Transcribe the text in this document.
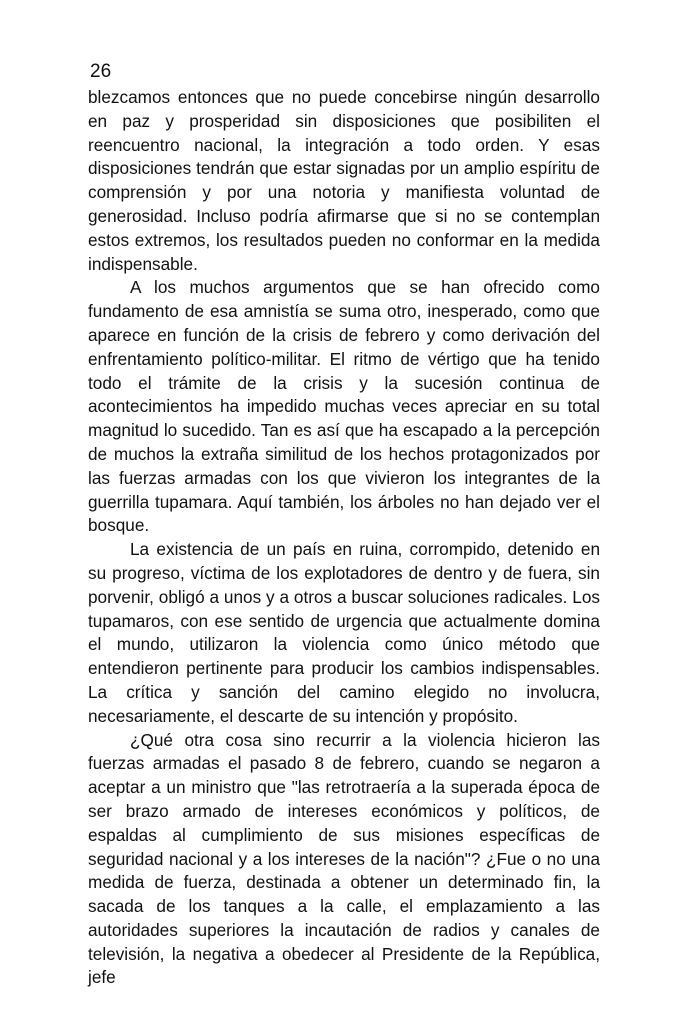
26

blezcamos entonces que no puede concebirse ningún desarrollo en paz y prosperidad sin disposiciones que posibiliten el reencuentro nacional, la integración a todo orden. Y esas disposiciones tendrán que estar signadas por un amplio espíritu de comprensión y por una notoria y manifiesta voluntad de generosidad. Incluso podría afirmarse que si no se contemplan estos extremos, los resultados pueden no conformar en la medida indispensable.

A los muchos argumentos que se han ofrecido como fundamento de esa amnistía se suma otro, inesperado, como que aparece en función de la crisis de febrero y como derivación del enfrentamiento político-militar. El ritmo de vértigo que ha tenido todo el trámite de la crisis y la sucesión continua de acontecimientos ha impedido muchas veces apreciar en su total magnitud lo sucedido. Tan es así que ha escapado a la percepción de muchos la extraña similitud de los hechos protagonizados por las fuerzas armadas con los que vivieron los integrantes de la guerrilla tupamara. Aquí también, los árboles no han dejado ver el bosque.

La existencia de un país en ruina, corrompido, detenido en su progreso, víctima de los explotadores de dentro y de fuera, sin porvenir, obligó a unos y a otros a buscar soluciones radicales. Los tupamaros, con ese sentido de urgencia que actualmente domina el mundo, utilizaron la violencia como único método que entendieron pertinente para producir los cambios indispensables. La crítica y sanción del camino elegido no involucra, necesariamente, el descarte de su intención y propósito.

¿Qué otra cosa sino recurrir a la violencia hicieron las fuerzas armadas el pasado 8 de febrero, cuando se negaron a aceptar a un ministro que "las retrotraería a la superada época de ser brazo armado de intereses económicos y políticos, de espaldas al cumplimiento de sus misiones específicas de seguridad nacional y a los intereses de la nación"? ¿Fue o no una medida de fuerza, destinada a obtener un determinado fin, la sacada de los tanques a la calle, el emplazamiento a las autoridades superiores la incautación de radios y canales de televisión, la negativa a obedecer al Presidente de la República, jefe
